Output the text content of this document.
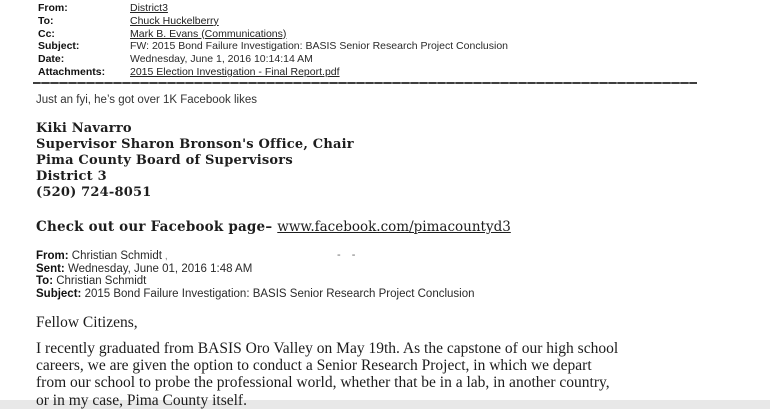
From:	District3
To:	Chuck Huckelberry
Cc:	Mark B. Evans (Communications)
Subject:	FW: 2015 Bond Failure Investigation: BASIS Senior Research Project Conclusion
Date:	Wednesday, June 1, 2016 10:14:14 AM
Attachments: 2015 Election Investigation - Final Report.pdf
Just an fyi, he’s got over 1K Facebook likes
Kiki Navarro
Supervisor Sharon Bronson's Office, Chair
Pima County Board of Supervisors
District 3
(520) 724-8051
Check out our Facebook page– www.facebook.com/pimacountyd3
From: Christian Schmidt ,
Sent: Wednesday, June 01, 2016 1:48 AM
To: Christian Schmidt
Subject: 2015 Bond Failure Investigation: BASIS Senior Research Project Conclusion
- -
Fellow Citizens,
I recently graduated from BASIS Oro Valley on May 19th. As the capstone of our high school
careers, we are given the option to conduct a Senior Research Project, in which we depart
from our school to probe the professional world, whether that be in a lab, in another country,
or in my case, Pima County itself.
